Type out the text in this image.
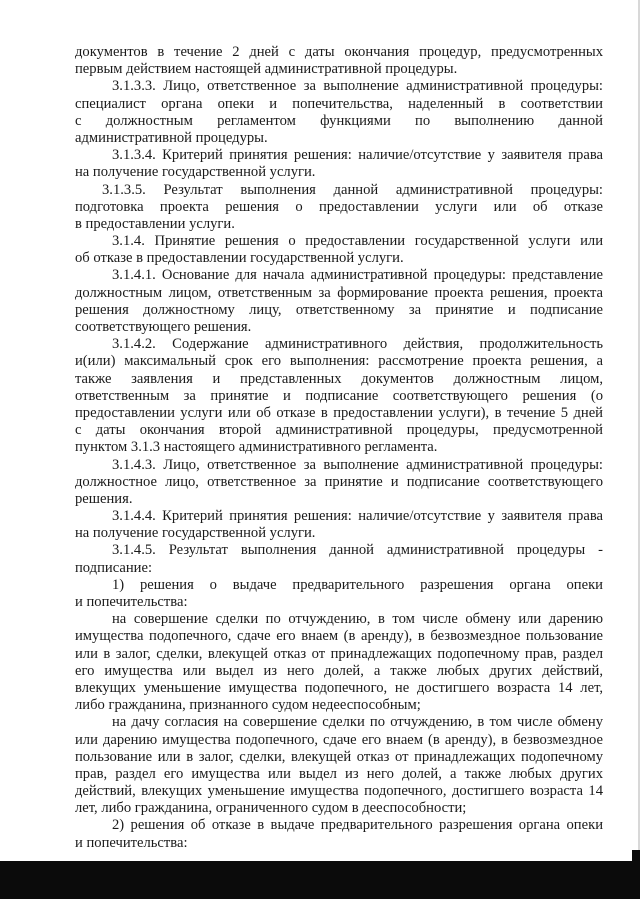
документов в течение 2 дней с даты окончания процедур, предусмотренных
первым действием настоящей административной процедуры.
3.1.3.3. Лицо, ответственное за выполнение административной процедуры:
специалист органа опеки и попечительства, наделенный в соответствии
с должностным регламентом функциями по выполнению данной
административной процедуры.
3.1.3.4. Критерий принятия решения: наличие/отсутствие у заявителя права
на получение государственной услуги.
3.1.3.5. Результат выполнения данной административной процедуры:
подготовка проекта решения о предоставлении услуги или об отказе
в предоставлении услуги.
3.1.4. Принятие решения о предоставлении государственной услуги или
об отказе в предоставлении государственной услуги.
3.1.4.1. Основание для начала административной процедуры: представление
должностным лицом, ответственным за формирование проекта решения, проекта
решения должностному лицу, ответственному за принятие и подписание
соответствующего решения.
3.1.4.2. Содержание административного действия, продолжительность
и(или) максимальный срок его выполнения: рассмотрение проекта решения, а
также заявления и представленных документов должностным лицом,
ответственным за принятие и подписание соответствующего решения (о
предоставлении услуги или об отказе в предоставлении услуги), в течение 5 дней
с даты окончания второй административной процедуры, предусмотренной
пунктом 3.1.3 настоящего административного регламента.
3.1.4.3. Лицо, ответственное за выполнение административной процедуры:
должностное лицо, ответственное за принятие и подписание соответствующего
решения.
3.1.4.4. Критерий принятия решения: наличие/отсутствие у заявителя права
на получение государственной услуги.
3.1.4.5. Результат выполнения данной административной процедуры -
подписание:
1) решения о выдаче предварительного разрешения органа опеки
и попечительства:
на совершение сделки по отчуждению, в том числе обмену или дарению
имущества подопечного, сдаче его внаем (в аренду), в безвозмездное пользование
или в залог, сделки, влекущей отказ от принадлежащих подопечному прав, раздел
его имущества или выдел из него долей, а также любых других действий,
влекущих уменьшение имущества подопечного, не достигшего возраста 14 лет,
либо гражданина, признанного судом недееспособным;
на дачу согласия на совершение сделки по отчуждению, в том числе обмену
или дарению имущества подопечного, сдаче его внаем (в аренду), в безвозмездное
пользование или в залог, сделки, влекущей отказ от принадлежащих подопечному
прав, раздел его имущества или выдел из него долей, а также любых других
действий, влекущих уменьшение имущества подопечного, достигшего возраста 14
лет, либо гражданина, ограниченного судом в дееспособности;
2) решения об отказе в выдаче предварительного разрешения органа опеки
и попечительства:
